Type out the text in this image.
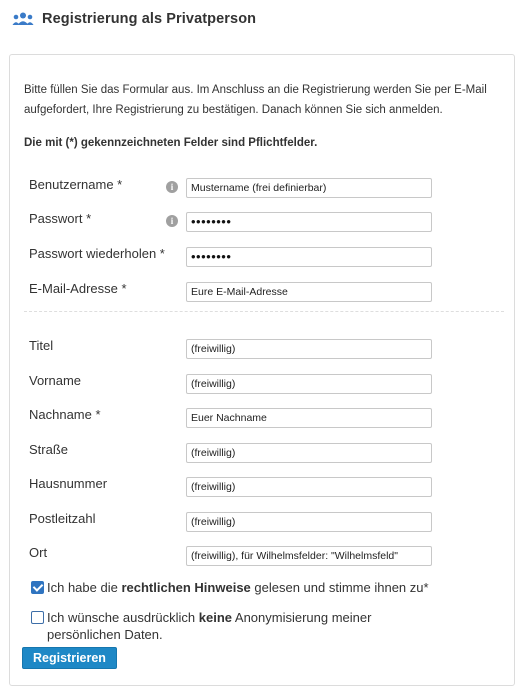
Registrierung als Privatperson
Bitte füllen Sie das Formular aus. Im Anschluss an die Registrierung werden Sie per E-Mail aufgefordert, Ihre Registrierung zu bestätigen. Danach können Sie sich anmelden.
Die mit (*) gekennzeichneten Felder sind Pflichtfelder.
Benutzername *	i	Mustername (frei definierbar)
Passwort *	i	••••••••
Passwort wiederholen *	••••••••
E-Mail-Adresse *	Eure E-Mail-Adresse
Titel	(freiwillig)
Vorname	(freiwillig)
Nachname *	Euer Nachname
Straße	(freiwillig)
Hausnummer	(freiwillig)
Postleitzahl	(freiwillig)
Ort	(freiwillig), für Wilhelmsfelder: "Wilhelmsfeld"
Ich habe die rechtlichen Hinweise gelesen und stimme ihnen zu*
Ich wünsche ausdrücklich keine Anonymisierung meiner persönlichen Daten.
Registrieren
